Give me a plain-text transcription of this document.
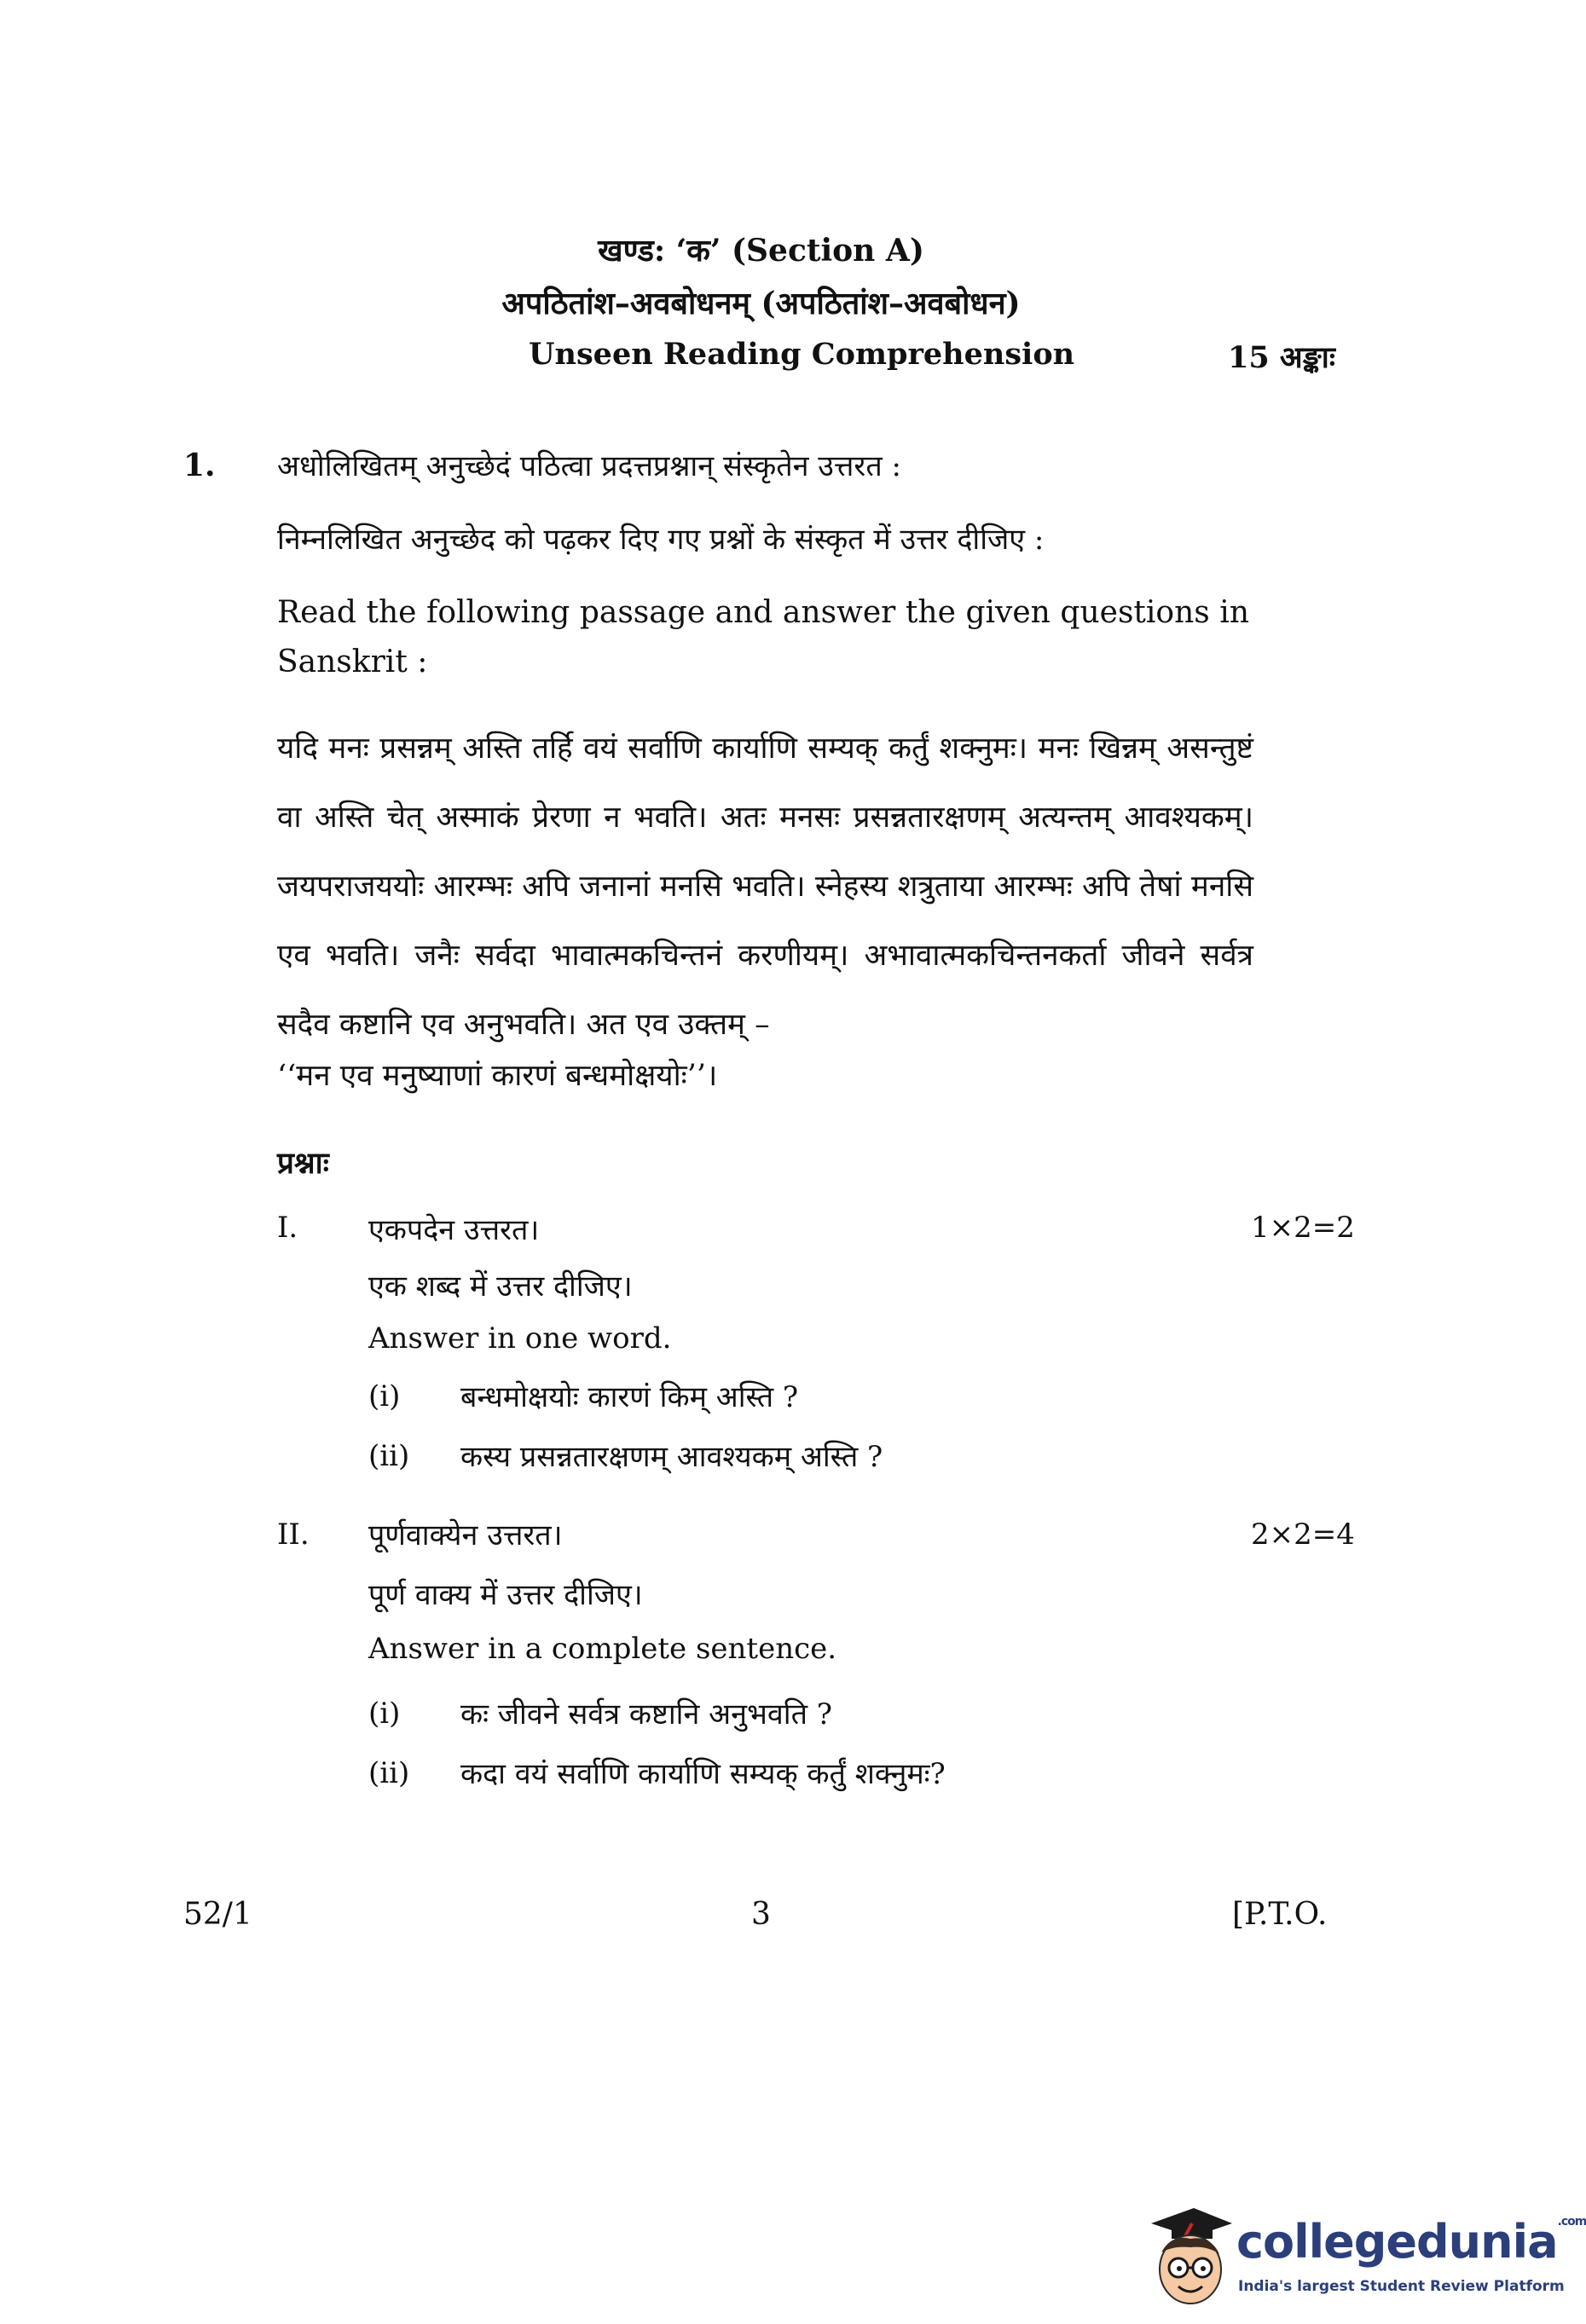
खण्ड: ‘क’ (Section A)
अपठितांश–अवबोधनम् (अपठितांश–अवबोधन)
Unseen Reading Comprehension	15 अङ्काः
1. अधोलिखितम् अनुच्छेदं पठित्वा प्रदत्तप्रश्नान् संस्कृतेन उत्तरत :
निम्नलिखित अनुच्छेद को पढ़कर दिए गए प्रश्नों के संस्कृत में उत्तर दीजिए :
Read the following passage and answer the given questions in Sanskrit :
यदि मनः प्रसन्नम् अस्ति तर्हि वयं सर्वाणि कार्याणि सम्यक् कर्तुं शक्नुमः। मनः खिन्नम् असन्तुष्टं वा अस्ति चेत् अस्माकं प्रेरणा न भवति। अतः मनसः प्रसन्नतारक्षणम् अत्यन्तम् आवश्यकम्। जयपराजययोः आरम्भः अपि जनानां मनसि भवति। स्नेहस्य शत्रुताया आरम्भः अपि तेषां मनसि एव भवति। जनैः सर्वदा भावात्मकचिन्तनं करणीयम्। अभावात्मकचिन्तनकर्ता जीवने सर्वत्र सदैव कष्टानि एव अनुभवति। अत एव उक्तम् –
‘‘मन एव मनुष्याणां कारणं बन्धमोक्षयोः’’।
प्रश्नाः
I. एकपदेन उत्तरत।	1×2=2
एक शब्द में उत्तर दीजिए।
Answer in one word.
(i) बन्धमोक्षयोः कारणं किम् अस्ति ?
(ii) कस्य प्रसन्नतारक्षणम् आवश्यकम् अस्ति ?
II. पूर्णवाक्येन उत्तरत।	2×2=4
पूर्ण वाक्य में उत्तर दीजिए।
Answer in a complete sentence.
(i) कः जीवने सर्वत्र कष्टानि अनुभवति ?
(ii) कदा वयं सर्वाणि कार्याणि सम्यक् कर्तुं शक्नुमः?
52/1	3	[P.T.O.
collegedunia$^{.com}$
India's largest Student Review Platform
